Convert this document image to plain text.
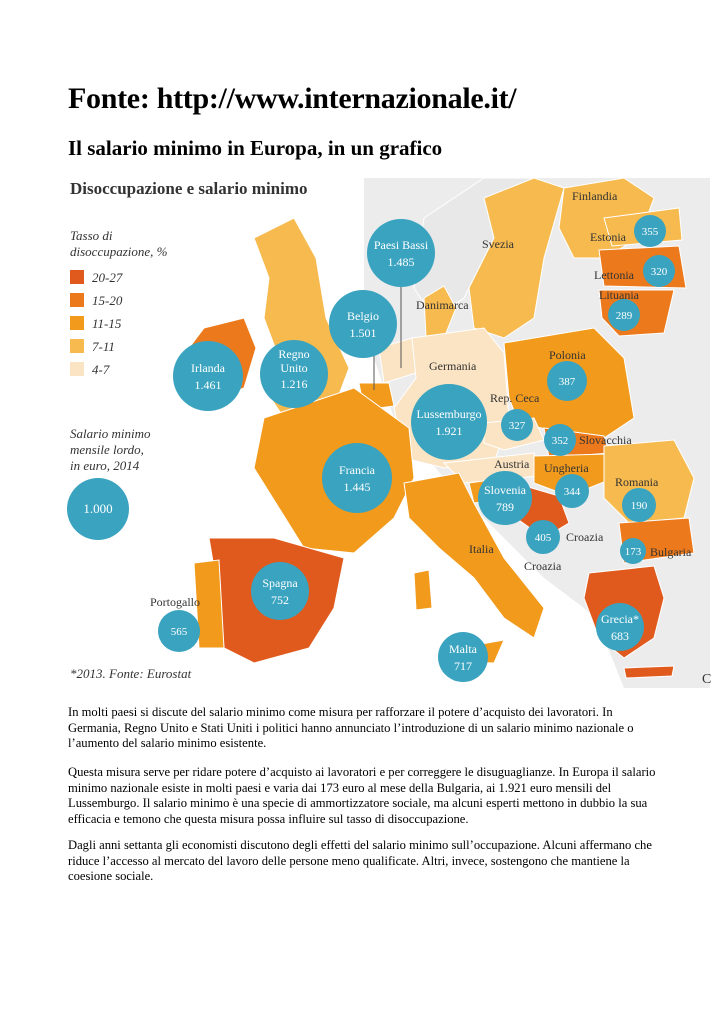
Fonte: http://www.internazionale.it/
Il salario minimo in Europa, in un grafico
Disoccupazione e salario minimo
Tasso di
disoccupazione, %
20-27
15-20
11-15
7-11
4-7
Salario minimo
mensile lordo,
in euro, 2014
1.000
*2013. Fonte: Eurostat
Finlandia
Svezia
Danimarca
Germania
Austria
Italia
Croazia
Irlanda
1.461
Regno
Unito
1.216
Belgio
1.501
Paesi Bassi
1.485
Lussemburgo
1.921
Francia
1.445
Spagna
752
565
Portogallo
Malta
717
Grecia*
683
Slovenia
789
405 Croazia
344
Ungheria
352 Slovacchia
327
Rep. Ceca
387
Polonia
190
Romania
173 Bulgaria
355
Estonia
320
Lettonia
289
Lituania
C

In molti paesi si discute del salario minimo come misura per rafforzare il potere d’acquisto dei lavoratori. In Germania, Regno Unito e Stati Uniti i politici hanno annunciato l’introduzione di un salario minimo nazionale o l’aumento del salario minimo esistente.

Questa misura serve per ridare potere d’acquisto ai lavoratori e per correggere le disuguaglianze. In Europa il salario minimo nazionale esiste in molti paesi e varia dai 173 euro al mese della Bulgaria, ai 1.921 euro mensili del Lussemburgo. Il salario minimo è una specie di ammortizzatore sociale, ma alcuni esperti mettono in dubbio la sua efficacia e temono che questa misura possa influire sul tasso di disoccupazione.

Dagli anni settanta gli economisti discutono degli effetti del salario minimo sull’occupazione. Alcuni affermano che riduce l’accesso al mercato del lavoro delle persone meno qualificate. Altri, invece, sostengono che mantiene la coesione sociale.
